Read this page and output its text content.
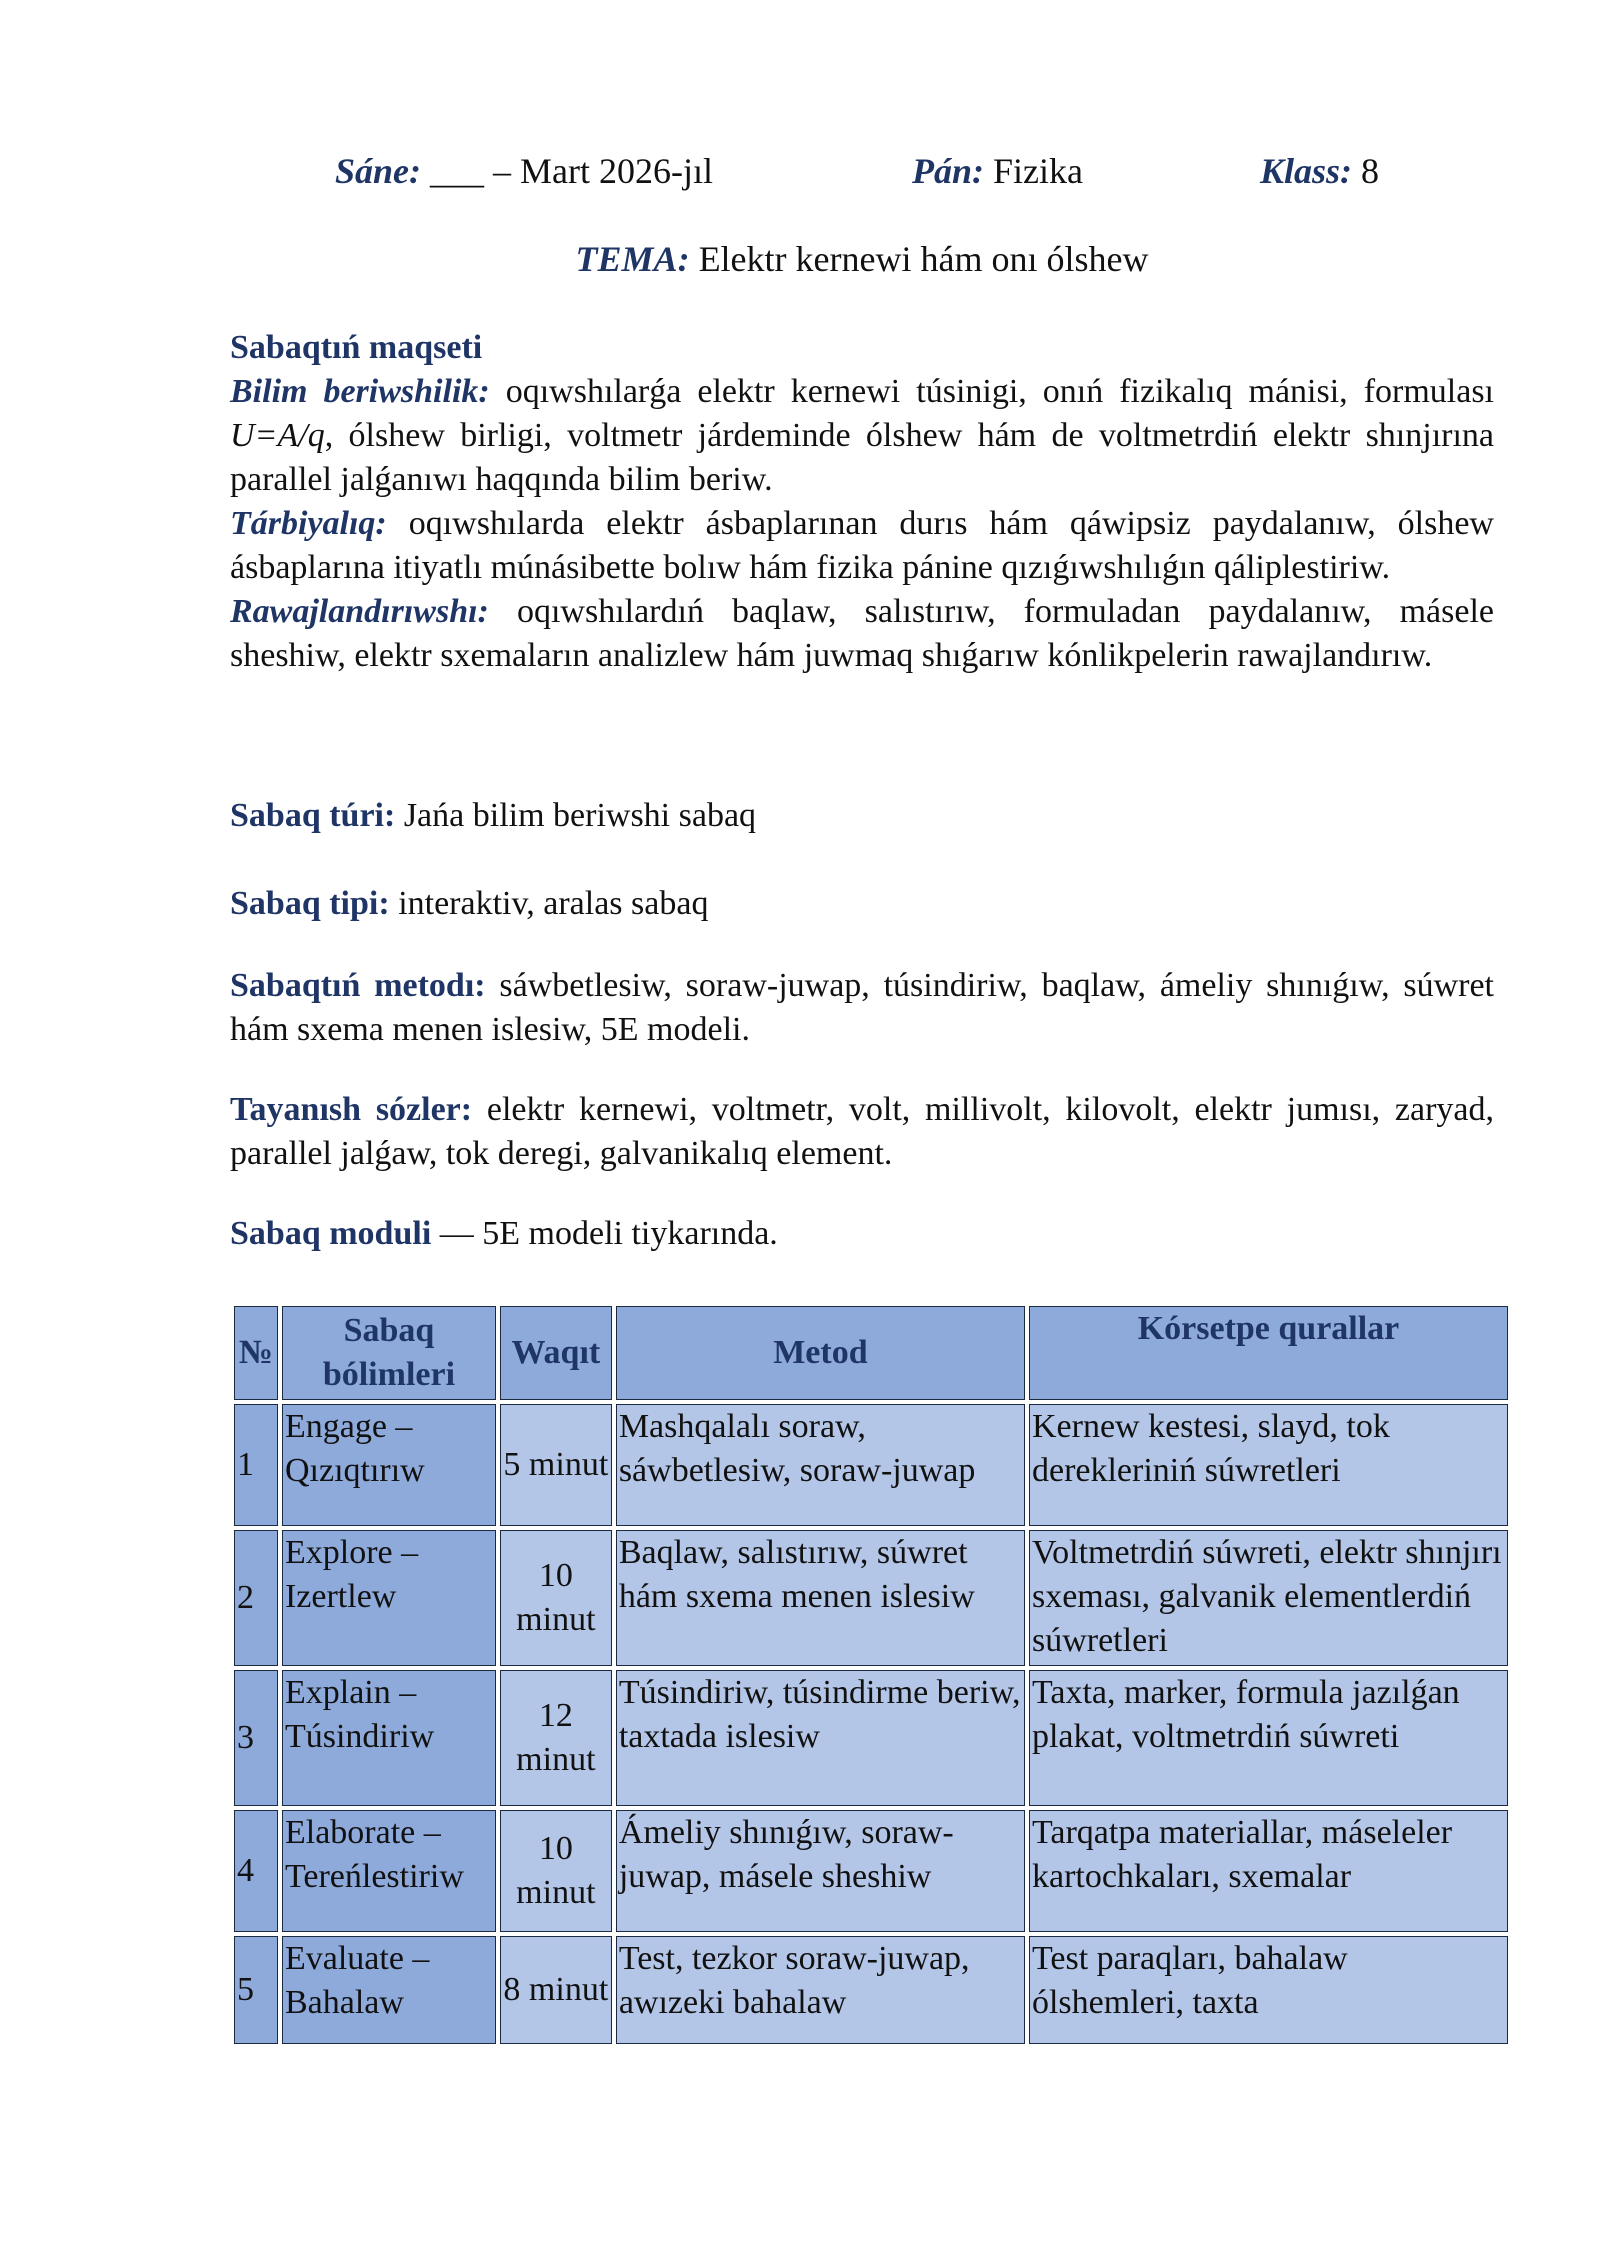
Sáne: ___ – Mart 2026-jıl	Pán: Fizika	Klass: 8
TEMA: Elektr kernewi hám onı ólshew
Sabaqtıń maqseti
Bilim beriwshilik: oqıwshılarǵa elektr kernewi túsinigi, onıń fizikalıq mánisi, formulası U=A/q, ólshew birligi, voltmetr járdeminde ólshew hám de voltmetrdiń elektr shınjırına parallel jalǵanıwı haqqında bilim beriw.
Tárbiyalıq: oqıwshılarda elektr ásbaplarınan durıs hám qáwipsiz paydalanıw, ólshew ásbaplarına itiyatlı múnásibette bolıw hám fizika pánine qızıǵıwshılıǵın qáliplestiriw.
Rawajlandırıwshı: oqıwshılardıń baqlaw, salıstırıw, formuladan paydalanıw, másele sheshiw, elektr sxemaların analizlew hám juwmaq shıǵarıw kónlikpelerin rawajlandırıw.
Sabaq túri: Jańa bilim beriwshi sabaq
Sabaq tipi: interaktiv, aralas sabaq
Sabaqtıń metodı: sáwbetlesiw, soraw-juwap, túsindiriw, baqlaw, ámeliy shınıǵıw, súwret hám sxema menen islesiw, 5E modeli.
Tayanısh sózler: elektr kernewi, voltmetr, volt, millivolt, kilovolt, elektr jumısı, zaryad, parallel jalǵaw, tok deregi, galvanikalıq element.
Sabaq moduli — 5E modeli tiykarında.
№	Sabaq bólimleri	Waqıt	Metod	Kórsetpe qurallar
1	Engage – Qızıqtırıw	5 minut	Mashqalalı soraw, sáwbetlesiw, soraw-juwap	Kernew kestesi, slayd, tok derekleriniń súwretleri
2	Explore – Izertlew	10 minut	Baqlaw, salıstırıw, súwret hám sxema menen islesiw	Voltmetrdiń súwreti, elektr shınjırı sxeması, galvanik elementlerdiń súwretleri
3	Explain – Túsindiriw	12 minut	Túsindiriw, túsindirme beriw, taxtada islesiw	Taxta, marker, formula jazılǵan plakat, voltmetrdiń súwreti
4	Elaborate – Tereńlestiriw	10 minut	Ámeliy shınıǵıw, soraw-juwap, másele sheshiw	Tarqatpa materiallar, máseleler kartochkaları, sxemalar
5	Evaluate – Bahalaw	8 minut	Test, tezkor soraw-juwap, awızeki bahalaw	Test paraqları, bahalaw ólshemleri, taxta
